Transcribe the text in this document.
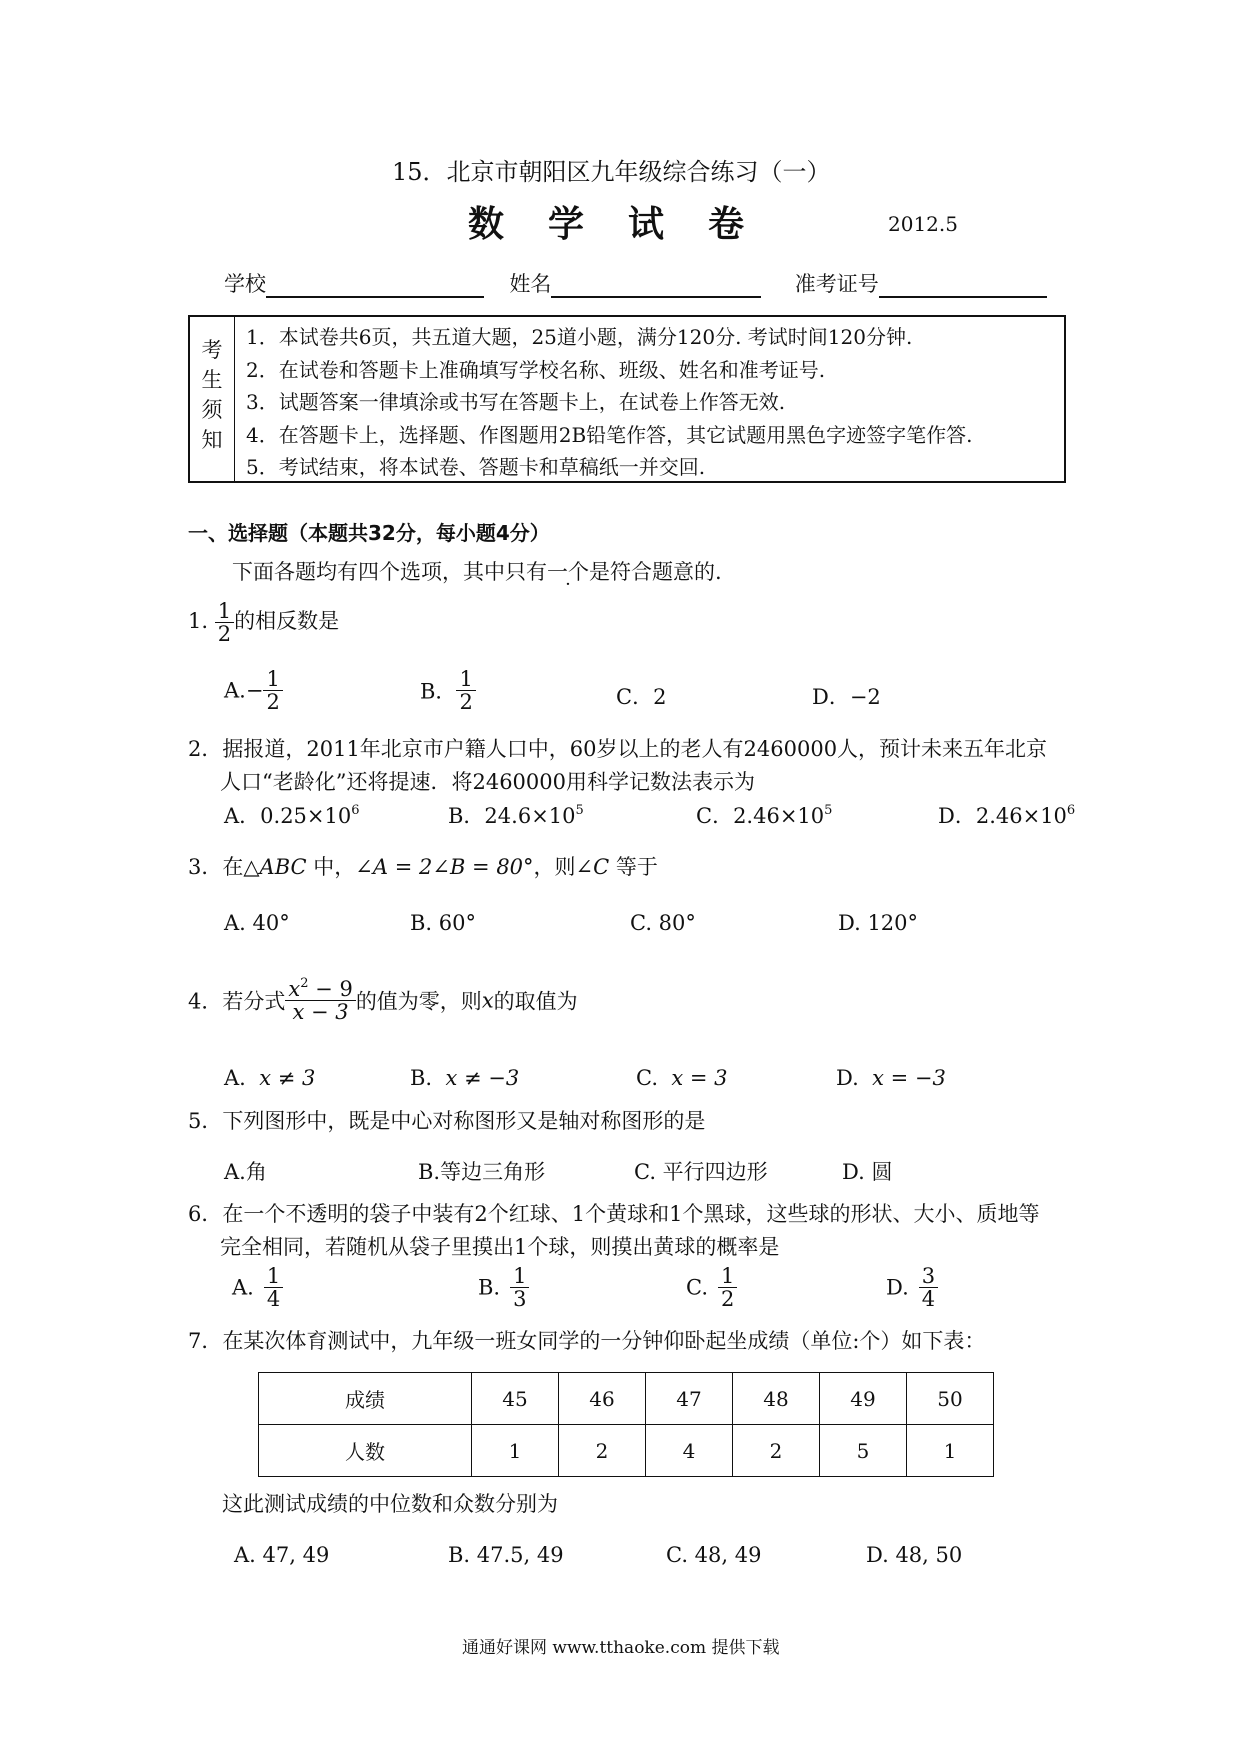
15．北京市朝阳区九年级综合练习（一）
数学试卷	2012.5
学校	姓名	准考证号
考
生
须
知
1．本试卷共6页，共五道大题，25道小题，满分120分. 考试时间120分钟.
2．在试卷和答题卡上准确填写学校名称、班级、姓名和准考证号.
3．试题答案一律填涂或书写在答题卡上，在试卷上作答无效.
4．在答题卡上，选择题、作图题用2B铅笔作答，其它试题用黑色字迹签字笔作答.
5．考试结束，将本试卷、答题卡和草稿纸一并交回.
一、选择题（本题共32分，每小题4分）
下面各题均有四个选项，其中只有一个是符合题意的.
1. $\frac{1}{2}$ 的相反数是
$A.- \frac{1}{2}$	B． $\frac{1}{2}$	C．2	D．−2
2．据报道，2011年北京市户籍人口中，60岁以上的老人有2460000人，预计未来五年北京
人口“老龄化”还将提速．将2460000用科学记数法表示为
A．$0.25\times 10^6$	B．$24.6\times 10^5$	C．$2.46\times 10^5$	D．$2.46\times 10^6$
3．在△ABC 中，∠A = 2∠B = 80°，则∠C 等于
A. 40°	B. 60°	C. 80°	D. 120°
4．若分式 $\frac{x^2 - 9}{x - 3}$ 的值为零，则x的取值为
A. x ≠ 3	B. x ≠ −3	C. x = 3	D. x = −3
5．下列图形中，既是中心对称图形又是轴对称图形的是
A.角	B.等边三角形	C. 平行四边形	D. 圆
6．在一个不透明的袋子中装有2个红球、1个黄球和1个黑球，这些球的形状、大小、质地等
完全相同，若随机从袋子里摸出1个球，则摸出黄球的概率是
A. $\frac{1}{4}$	B. $\frac{1}{3}$	C. $\frac{1}{2}$	D. $\frac{3}{4}$
7．在某次体育测试中，九年级一班女同学的一分钟仰卧起坐成绩（单位:个）如下表：
成绩	45	46	47	48	49	50
人数	1	2	4	2	5	1
这此测试成绩的中位数和众数分别为
A. 47, 49	B. 47.5, 49	C. 48, 49	D. 48, 50
通通好课网 www.tthaoke.com 提供下载
